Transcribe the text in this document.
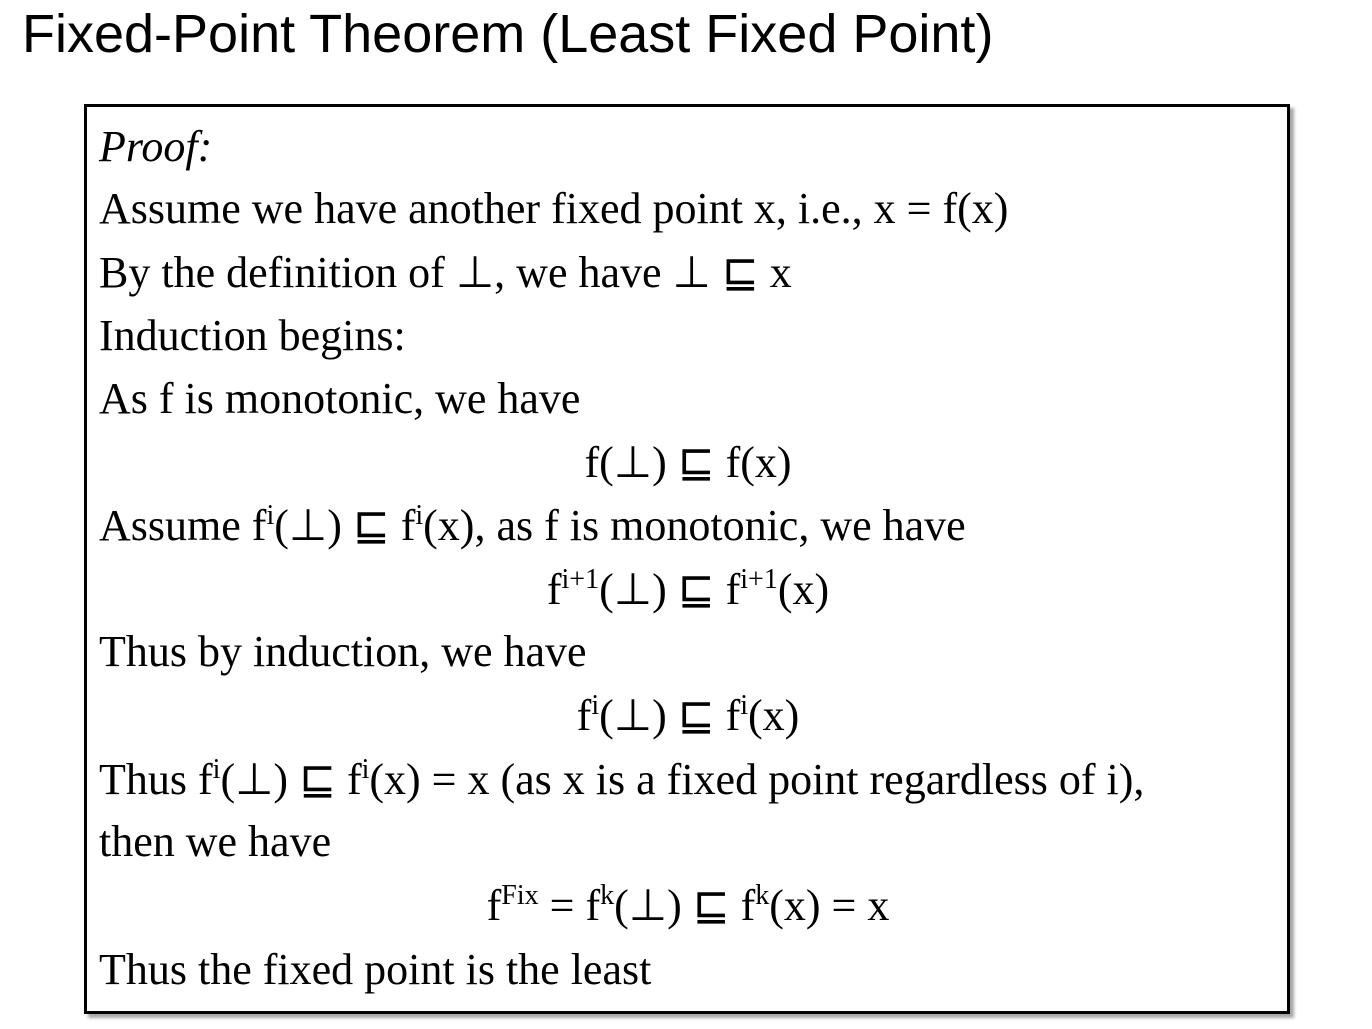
Fixed-Point Theorem (Least Fixed Point)
Proof:
Assume we have another fixed point x, i.e., x = f(x)
By the definition of ⊥, we have ⊥ ⊑ x
Induction begins:
As f is monotonic, we have
f(⊥) ⊑ f(x)
Assume $f^i(\perp)$ ⊑ $f^i(x)$, as f is monotonic, we have
$f^{i+1}(\perp)$ ⊑ $f^{i+1}(x)$
Thus by induction, we have
$f^i(\perp)$ ⊑ $f^i(x)$
Thus $f^i(\perp)$ ⊑ $f^i(x) = x$ (as x is a fixed point regardless of i),
then we have
$f^{Fix}$ = $f^k(\perp)$ ⊑ $f^k(x) = x$
Thus the fixed point is the least
